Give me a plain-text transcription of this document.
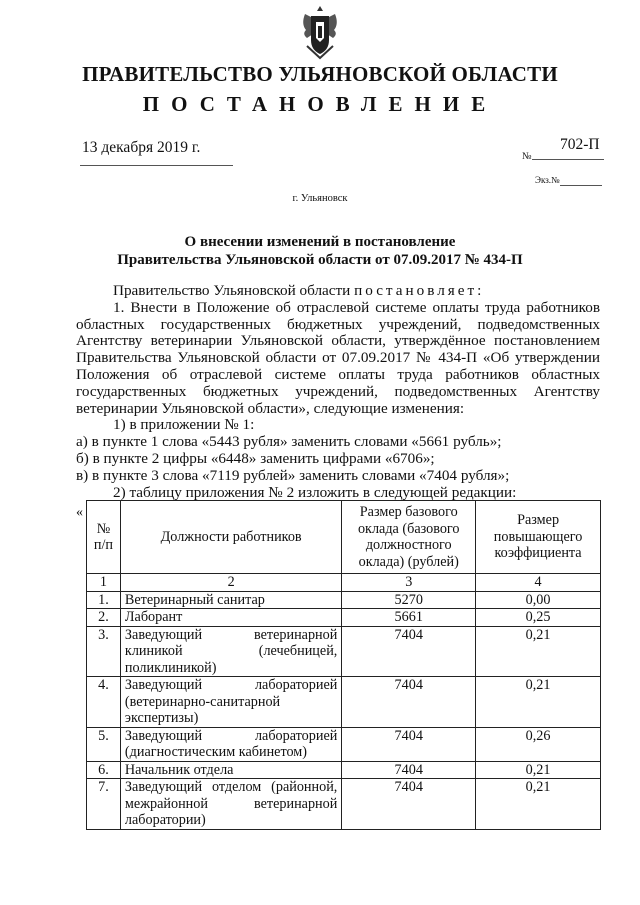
ПРАВИТЕЛЬСТВО УЛЬЯНОВСКОЙ ОБЛАСТИ
ПОСТАНОВЛЕНИЕ
13 декабря 2019 г.
№
702-П
Экз.№
г. Ульяновск
О внесении изменений в постановление
Правительства Ульяновской области от 07.09.2017 № 434-П

Правительство Ульяновской области постановляет:

1. Внести в Положение об отраслевой системе оплаты труда работников областных государственных бюджетных учреждений, подведомственных Агентству ветеринарии Ульяновской области, утверждённое постановлением Правительства Ульяновской области от 07.09.2017 № 434-П «Об утверждении Положения об отраслевой системе оплаты труда работников областных государственных бюджетных учреждений, подведомственных Агентству ветеринарии Ульяновской области», следующие изменения:

1) в приложении № 1:

а) в пункте 1 слова «5443 рубля» заменить словами «5661 рубль»;

б) в пункте 2 цифры «6448» заменить цифрами «6706»;

в) в пункте 3 слова «7119 рублей» заменить словами «7404 рубля»;

2) таблицу приложения № 2 изложить в следующей редакции:

«
№ п/п	Должности работников	Размер базового оклада (базового должностного оклада) (рублей)	Размер повышающего коэффициента
1	2	3	4
1.	Ветеринарный санитар	5270	0,00
2.	Лаборант	5661	0,25
3.	Заведующий ветеринарной клиникой (лечебницей, поликлиникой)	7404	0,21
4.	Заведующий лабораторией (ветеринарно-санитарной экспертизы)	7404	0,21
5.	Заведующий лабораторией (диагностическим кабинетом)	7404	0,26
6.	Начальник отдела	7404	0,21
7.	Заведующий отделом (районной, межрайонной ветеринарной лаборатории)	7404	0,21
